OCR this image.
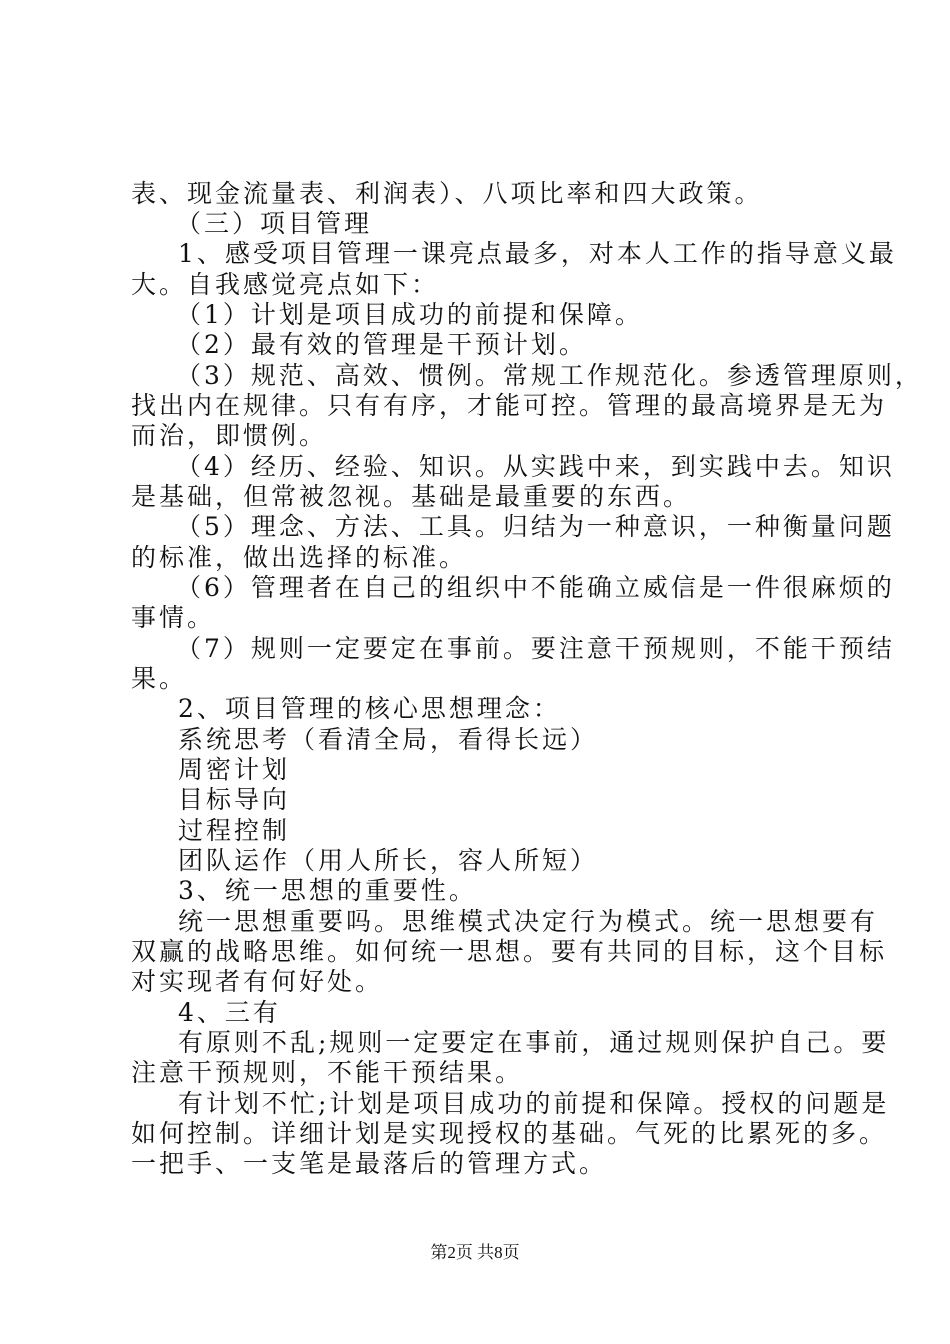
表、现金流量表、利润表）、八项比率和四大政策。
（三）项目管理
1、感受项目管理一课亮点最多，对本人工作的指导意义最
大。自我感觉亮点如下：
（1）计划是项目成功的前提和保障。
（2）最有效的管理是干预计划。
（3）规范、高效、惯例。常规工作规范化。参透管理原则，
找出内在规律。只有有序，才能可控。管理的最高境界是无为
而治，即惯例。
（4）经历、经验、知识。从实践中来，到实践中去。知识
是基础，但常被忽视。基础是最重要的东西。
（5）理念、方法、工具。归结为一种意识，一种衡量问题
的标准，做出选择的标准。
（6）管理者在自己的组织中不能确立威信是一件很麻烦的
事情。
（7）规则一定要定在事前。要注意干预规则，不能干预结
果。
2、项目管理的核心思想理念：
系统思考（看清全局，看得长远）
周密计划
目标导向
过程控制
团队运作（用人所长，容人所短）
3、统一思想的重要性。
统一思想重要吗。思维模式决定行为模式。统一思想要有
双赢的战略思维。如何统一思想。要有共同的目标，这个目标
对实现者有何好处。
4、三有
有原则不乱;规则一定要定在事前，通过规则保护自己。要
注意干预规则，不能干预结果。
有计划不忙;计划是项目成功的前提和保障。授权的问题是
如何控制。详细计划是实现授权的基础。气死的比累死的多。
一把手、一支笔是最落后的管理方式。
第2页 共8页
